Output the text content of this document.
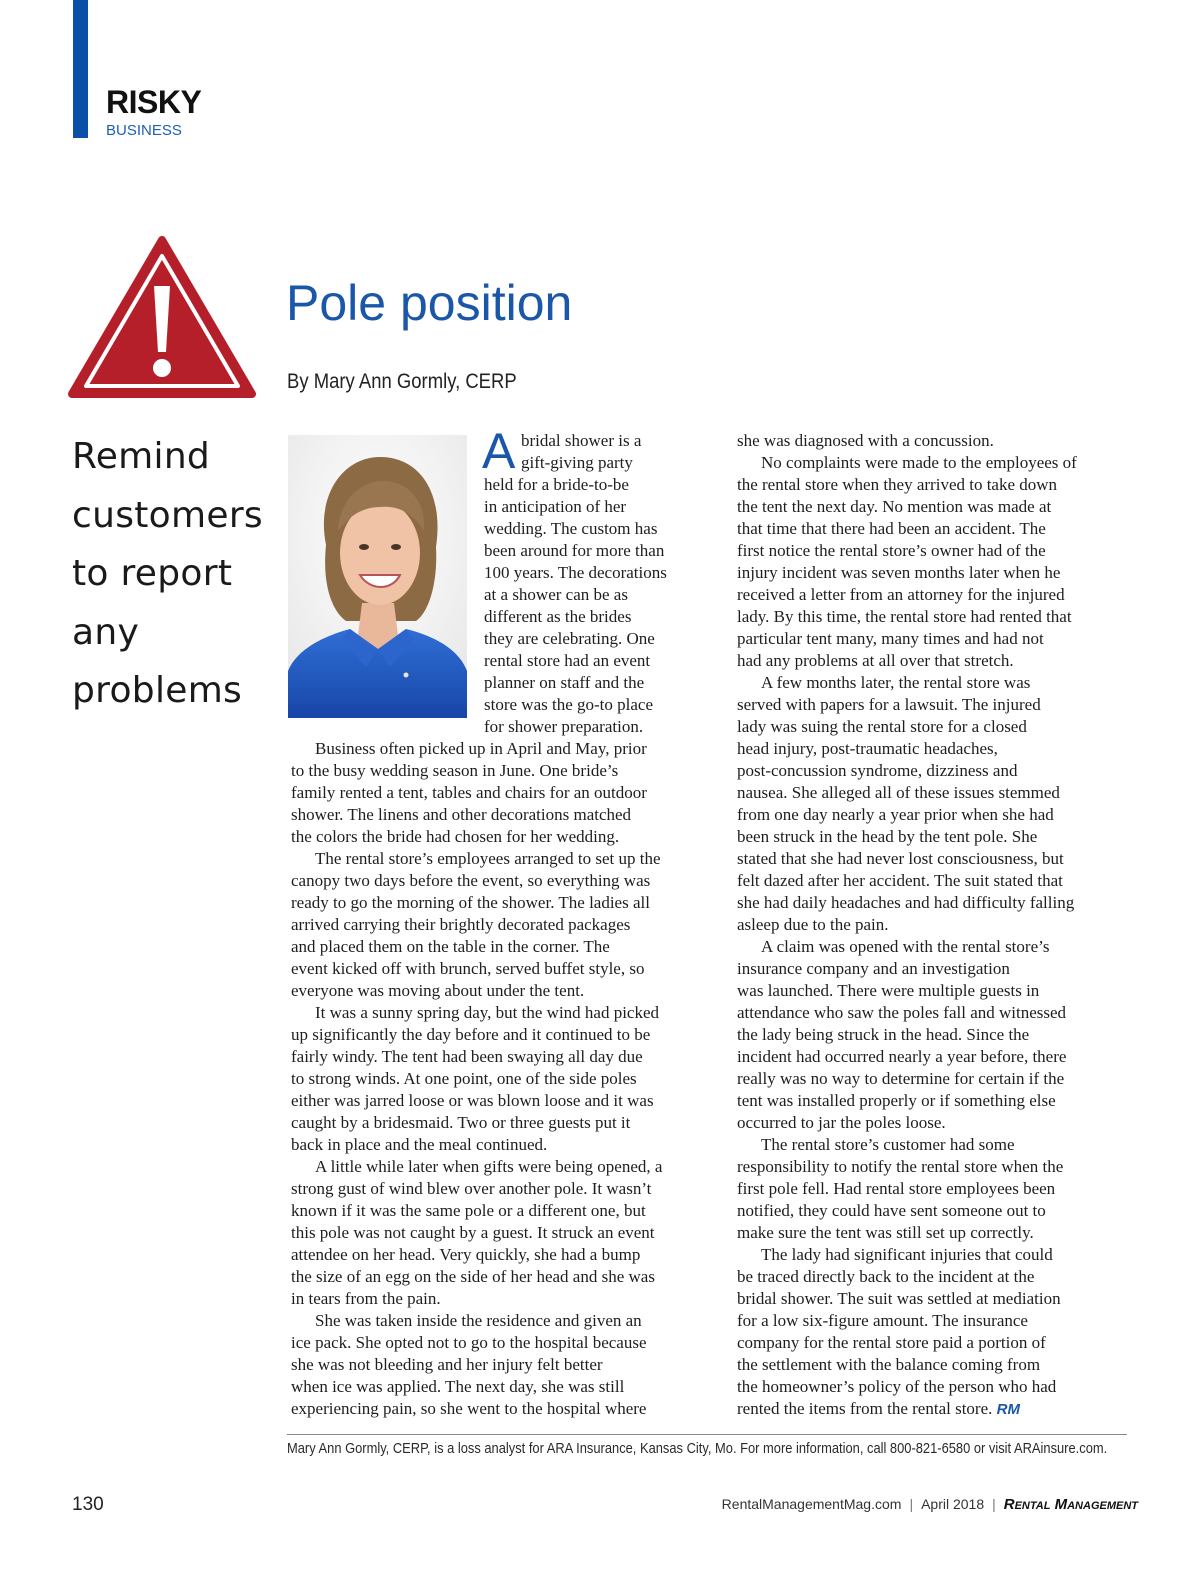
RISKY
BUSINESS
Pole position
By Mary Ann Gormly, CERP
Remind
customers
to report
any
problems
A bridal shower is a
gift-giving party
held for a bride-to-be
in anticipation of her
wedding. The custom has
been around for more than
100 years. The decorations
at a shower can be as
different as the brides
they are celebrating. One
rental store had an event
planner on staff and the
store was the go-to place
for shower preparation.
Business often picked up in April and May, prior
to the busy wedding season in June. One bride’s
family rented a tent, tables and chairs for an outdoor
shower. The linens and other decorations matched
the colors the bride had chosen for her wedding.
The rental store’s employees arranged to set up the
canopy two days before the event, so everything was
ready to go the morning of the shower. The ladies all
arrived carrying their brightly decorated packages
and placed them on the table in the corner. The
event kicked off with brunch, served buffet style, so
everyone was moving about under the tent.
It was a sunny spring day, but the wind had picked
up significantly the day before and it continued to be
fairly windy. The tent had been swaying all day due
to strong winds. At one point, one of the side poles
either was jarred loose or was blown loose and it was
caught by a bridesmaid. Two or three guests put it
back in place and the meal continued.
A little while later when gifts were being opened, a
strong gust of wind blew over another pole. It wasn’t
known if it was the same pole or a different one, but
this pole was not caught by a guest. It struck an event
attendee on her head. Very quickly, she had a bump
the size of an egg on the side of her head and she was
in tears from the pain.
She was taken inside the residence and given an
ice pack. She opted not to go to the hospital because
she was not bleeding and her injury felt better
when ice was applied. The next day, she was still
experiencing pain, so she went to the hospital where
she was diagnosed with a concussion.
No complaints were made to the employees of
the rental store when they arrived to take down
the tent the next day. No mention was made at
that time that there had been an accident. The
first notice the rental store’s owner had of the
injury incident was seven months later when he
received a letter from an attorney for the injured
lady. By this time, the rental store had rented that
particular tent many, many times and had not
had any problems at all over that stretch.
A few months later, the rental store was
served with papers for a lawsuit. The injured
lady was suing the rental store for a closed
head injury, post-traumatic headaches,
post-concussion syndrome, dizziness and
nausea. She alleged all of these issues stemmed
from one day nearly a year prior when she had
been struck in the head by the tent pole. She
stated that she had never lost consciousness, but
felt dazed after her accident. The suit stated that
she had daily headaches and had difficulty falling
asleep due to the pain.
A claim was opened with the rental store’s
insurance company and an investigation
was launched. There were multiple guests in
attendance who saw the poles fall and witnessed
the lady being struck in the head. Since the
incident had occurred nearly a year before, there
really was no way to determine for certain if the
tent was installed properly or if something else
occurred to jar the poles loose.
The rental store’s customer had some
responsibility to notify the rental store when the
first pole fell. Had rental store employees been
notified, they could have sent someone out to
make sure the tent was still set up correctly.
The lady had significant injuries that could
be traced directly back to the incident at the
bridal shower. The suit was settled at mediation
for a low six-figure amount. The insurance
company for the rental store paid a portion of
the settlement with the balance coming from
the homeowner’s policy of the person who had
rented the items from the rental store. RM
Mary Ann Gormly, CERP, is a loss analyst for ARA Insurance, Kansas City, Mo. For more information, call 800-821-6580 or visit ARAinsure.com.
130	RentalManagementMag.com | April 2018 | Rental Management
